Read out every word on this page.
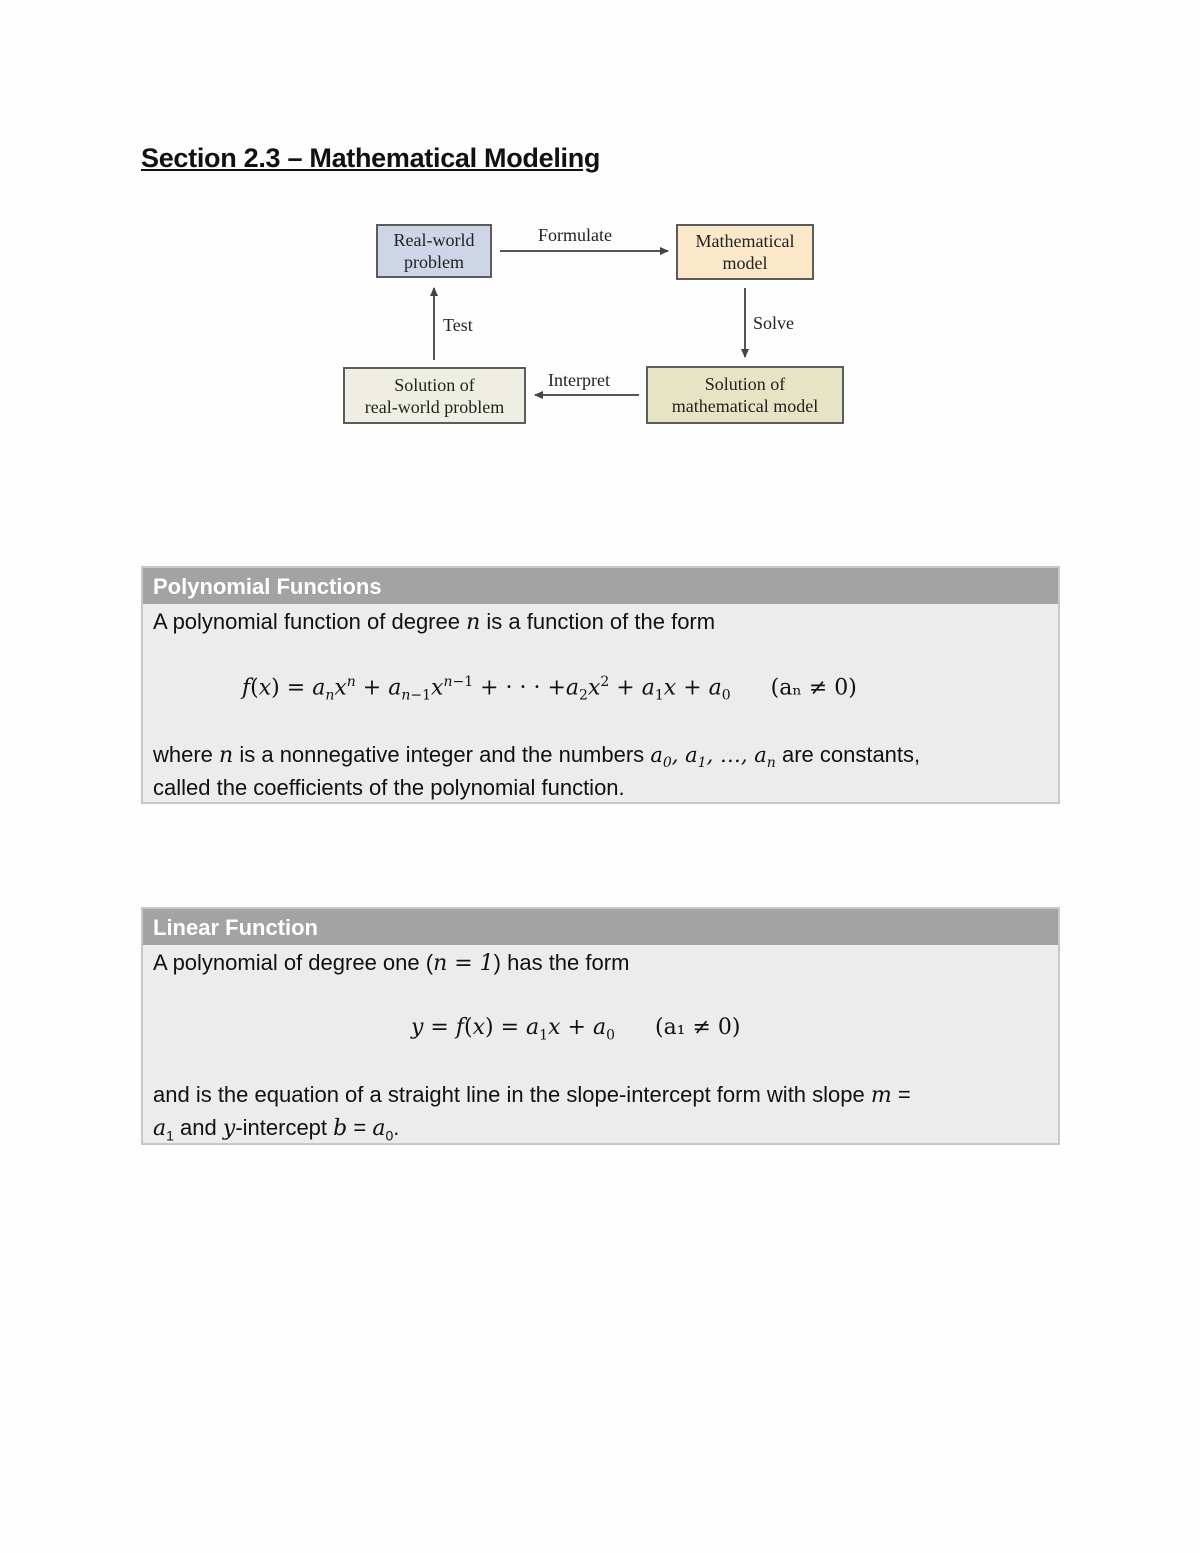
Section 2.3 – Mathematical Modeling
Real-world
problem
Mathematical
model
Solution of
real-world problem
Solution of
mathematical model
Formulate
Solve
Interpret
Test
Polynomial Functions
A polynomial function of degree n is a function of the form
$f(x) = a_nx^n + a_{n-1}x^{n-1}$ + · · · $+a_2x^2 + a_1x + a_0$ (aₙ ≠ 0)
where n is a nonnegative integer and the numbers $a_0$, $a_1$, …, $a_n$ are constants,
called the coefficients of the polynomial function.
Linear Function
A polynomial of degree one (n = 1) has the form
$y = f(x) = a_1x + a_0$ (a₁ ≠ 0)
and is the equation of a straight line in the slope-intercept form with slope m =
$a_1$ and y-intercept $b = a_0$.
